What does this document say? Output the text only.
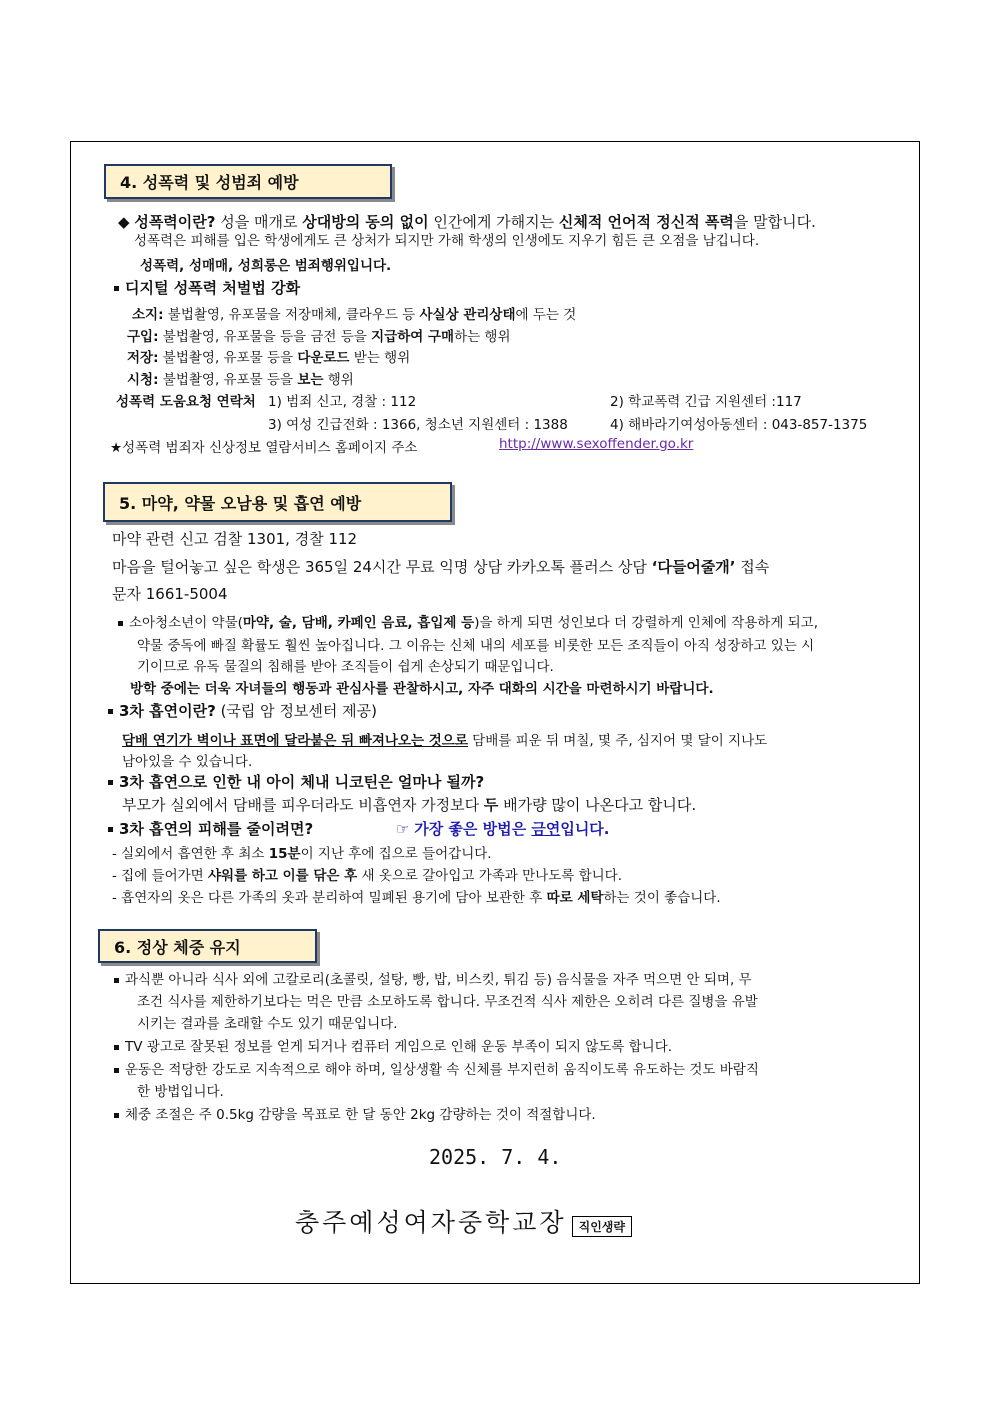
4. 성폭력 및 성범죄 예방
◆ 성폭력이란? 성을 매개로 상대방의 동의 없이 인간에게 가해지는 신체적 언어적 정신적 폭력을 말합니다.
성폭력은 피해를 입은 학생에게도 큰 상처가 되지만 가해 학생의 인생에도 지우기 힘든 큰 오점을 남깁니다.
성폭력, 성매매, 성희롱은 범죄행위입니다.
디지털 성폭력 처벌법 강화
소지: 불법촬영, 유포물을 저장매체, 클라우드 등 사실상 관리상태에 두는 것
구입: 불법촬영, 유포물을 등을 금전 등을 지급하여 구매하는 행위
저장: 불법촬영, 유포물 등을 다운로드 받는 행위
시청: 불법촬영, 유포물 등을 보는 행위
성폭력 도움요청 연락처 1) 범죄 신고, 경찰 : 112	2) 학교폭력 긴급 지원센터 :117
3) 여성 긴급전화 : 1366, 청소년 지원센터 : 1388	4) 해바라기여성아동센터 : 043-857-1375
★성폭력 범죄자 신상정보 열람서비스 홈페이지 주소	http://www.sexoffender.go.kr
5. 마약, 약물 오남용 및 흡연 예방
마약 관련 신고 검찰 1301, 경찰 112
마음을 털어놓고 싶은 학생은 365일 24시간 무료 익명 상담 카카오톡 플러스 상담 ‘다들어줄개’ 접속
문자 1661-5004
소아청소년이 약물(마약, 술, 담배, 카페인 음료, 흡입제 등)을 하게 되면 성인보다 더 강렬하게 인체에 작용하게 되고,
약물 중독에 빠질 확률도 훨씬 높아집니다. 그 이유는 신체 내의 세포를 비롯한 모든 조직들이 아직 성장하고 있는 시
기이므로 유독 물질의 침해를 받아 조직들이 쉽게 손상되기 때문입니다.
방학 중에는 더욱 자녀들의 행동과 관심사를 관찰하시고, 자주 대화의 시간을 마련하시기 바랍니다.
3차 흡연이란? (국립 암 정보센터 제공)
담배 연기가 벽이나 표면에 달라붙은 뒤 빠져나오는 것으로 담배를 피운 뒤 며칠, 몇 주, 심지어 몇 달이 지나도
남아있을 수 있습니다.
3차 흡연으로 인한 내 아이 체내 니코틴은 얼마나 될까?
부모가 실외에서 담배를 피우더라도 비흡연자 가정보다 두 배가량 많이 나온다고 합니다.
3차 흡연의 피해를 줄이려면?	☞ 가장 좋은 방법은 금연입니다.
- 실외에서 흡연한 후 최소 15분이 지난 후에 집으로 들어갑니다.
- 집에 들어가면 샤워를 하고 이를 닦은 후 새 옷으로 갈아입고 가족과 만나도록 합니다.
- 흡연자의 옷은 다른 가족의 옷과 분리하여 밀폐된 용기에 담아 보관한 후 따로 세탁하는 것이 좋습니다.
6. 정상 체중 유지
과식뿐 아니라 식사 외에 고칼로리(초콜릿, 설탕, 빵, 밥, 비스킷, 튀김 등) 음식물을 자주 먹으면 안 되며, 무
조건 식사를 제한하기보다는 먹은 만큼 소모하도록 합니다. 무조건적 식사 제한은 오히려 다른 질병을 유발
시키는 결과를 초래할 수도 있기 때문입니다.
TV 광고로 잘못된 정보를 얻게 되거나 컴퓨터 게임으로 인해 운동 부족이 되지 않도록 합니다.
운동은 적당한 강도로 지속적으로 해야 하며, 일상생활 속 신체를 부지런히 움직이도록 유도하는 것도 바람직
한 방법입니다.
체중 조절은 주 0.5kg 감량을 목표로 한 달 동안 2kg 감량하는 것이 적절합니다.
2025. 7. 4.
충주예성여자중학교장 직인생략
